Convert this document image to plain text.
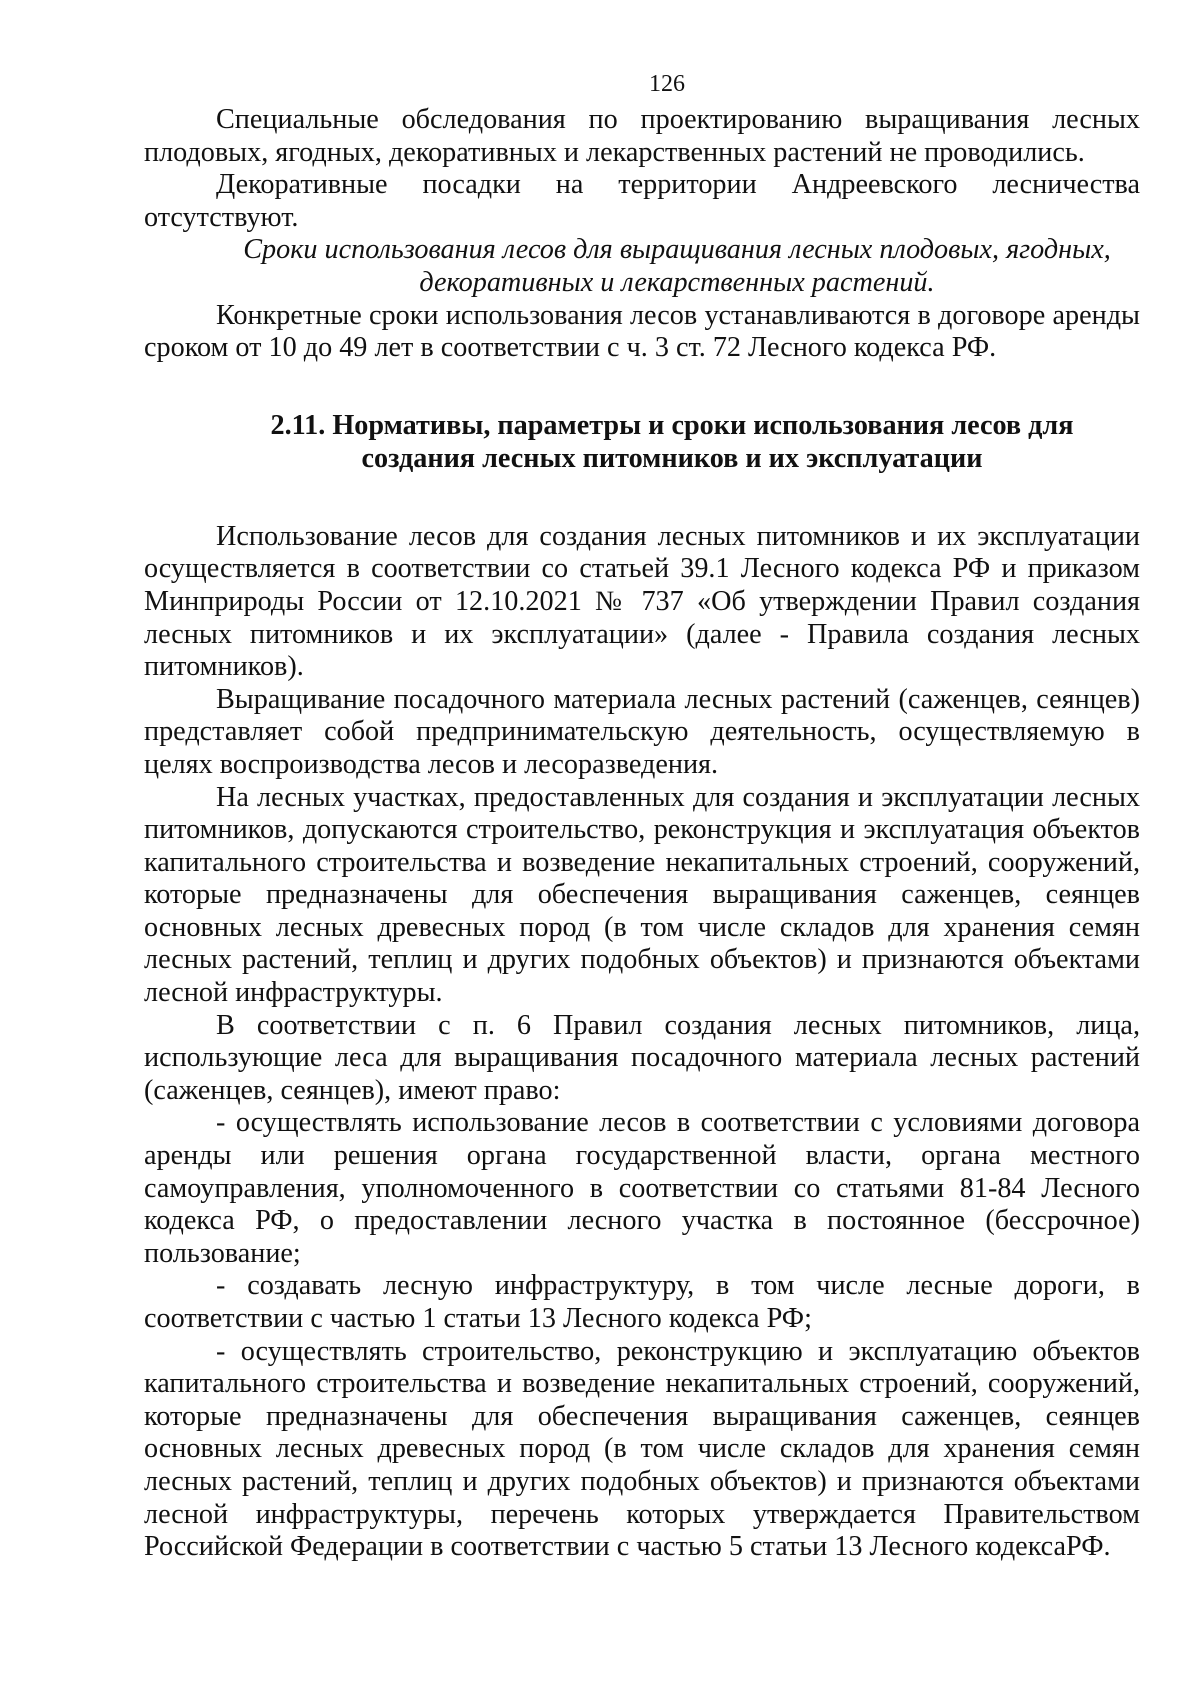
126

Специальные обследования по проектированию выращивания лесных плодовых, ягодных, декоративных и лекарственных растений не проводились.

Декоративные посадки на территории Андреевского лесничества отсутствуют.

Сроки использования лесов для выращивания лесных плодовых, ягодных,
декоративных и лекарственных растений.

Конкретные сроки использования лесов устанавливаются в договоре аренды сроком от 10 до 49 лет в соответствии с ч. 3 ст. 72 Лесного кодекса РФ.

2.11. Нормативы, параметры и сроки использования лесов для
создания лесных питомников и их эксплуатации

Использование лесов для создания лесных питомников и их эксплуатации осуществляется в соответствии со статьей 39.1 Лесного кодекса РФ и приказом Минприроды России от 12.10.2021 № 737 «Об утверждении Правил создания лесных питомников и их эксплуатации» (далее - Правила создания лесных питомников).

Выращивание посадочного материала лесных растений (саженцев, сеянцев) представляет собой предпринимательскую деятельность, осуществляемую в целях воспроизводства лесов и лесоразведения.

На лесных участках, предоставленных для создания и эксплуатации лесных питомников, допускаются строительство, реконструкция и эксплуатация объектов капитального строительства и возведение некапитальных строений, сооружений, которые предназначены для обеспечения выращивания саженцев, сеянцев основных лесных древесных пород (в том числе складов для хранения семян лесных растений, теплиц и других подобных объектов) и признаются объектами лесной инфраструктуры.

В соответствии с п. 6 Правил создания лесных питомников, лица, использующие леса для выращивания посадочного материала лесных растений (саженцев, сеянцев), имеют право:

- осуществлять использование лесов в соответствии с условиями договора аренды или решения органа государственной власти, органа местного самоуправления, уполномоченного в соответствии со статьями 81-84 Лесного кодекса РФ, о предоставлении лесного участка в постоянное (бессрочное) пользование;

- создавать лесную инфраструктуру, в том числе лесные дороги, в соответствии с частью 1 статьи 13 Лесного кодекса РФ;

- осуществлять строительство, реконструкцию и эксплуатацию объектов капитального строительства и возведение некапитальных строений, сооружений, которые предназначены для обеспечения выращивания саженцев, сеянцев основных лесных древесных пород (в том числе складов для хранения семян лесных растений, теплиц и других подобных объектов) и признаются объектами лесной инфраструктуры, перечень которых утверждается Правительством Российской Федерации в соответствии с частью 5 статьи 13 Лесного кодексаРФ.
